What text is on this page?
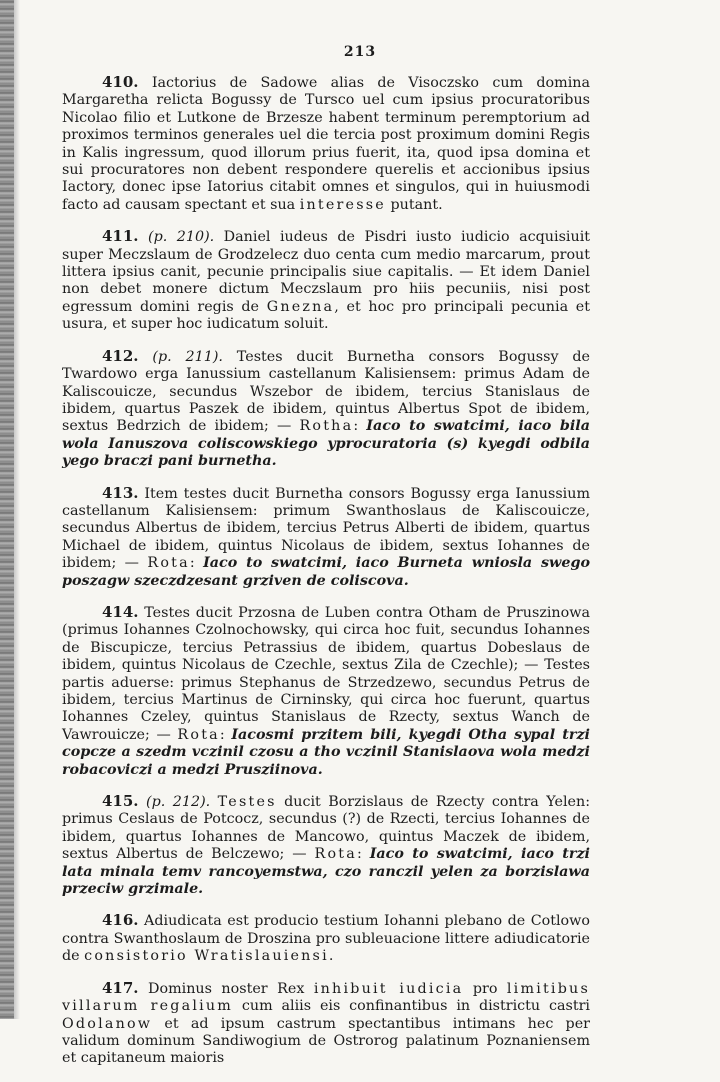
213

410. Iactorius de Sadowe alias de Visoczsko cum domina Margaretha relicta Bogussy de Tursco uel cum ipsius procuratoribus Nicolao filio et Lutkone de Brzesze habent terminum peremptorium ad proximos terminos generales uel die tercia post proximum domini Regis in Kalis ingressum, quod illorum prius fuerit, ita, quod ipsa domina et sui procuratores non debent respondere querelis et accionibus ipsius Iactory, donec ipse Iatorius citabit omnes et singulos, qui in huiusmodi facto ad causam spectant et sua interesse putant.

411. (p. 210). Daniel iudeus de Pisdri iusto iudicio acquisiuit super Meczslaum de Grodzelecz duo centa cum medio marcarum, prout littera ipsius canit, pecunie principalis siue capitalis. — Et idem Daniel non debet monere dictum Meczslaum pro hiis pecuniis, nisi post egressum domini regis de Gnezna, et hoc pro principali pecunia et usura, et super hoc iudicatum soluit.

412. (p. 211). Testes ducit Burnetha consors Bogussy de Twardowo erga Ianussium castellanum Kalisiensem: primus Adam de Kaliscouicze, secundus Wszebor de ibidem, tercius Stanislaus de ibidem, quartus Paszek de ibidem, quintus Albertus Spot de ibidem, sextus Bedrzich de ibidem; — Rotha: Iaco to swatcimi, iaco bila wola Ianuszova coliscowskiego yprocuratoria (s) kyegdi odbila yego braczi pani burnetha.

413. Item testes ducit Burnetha consors Bogussy erga Ianussium castellanum Kalisiensem: primum Swanthoslaus de Kaliscouicze, secundus Albertus de ibidem, tercius Petrus Alberti de ibidem, quartus Michael de ibidem, quintus Nicolaus de ibidem, sextus Iohannes de ibidem; — Rota: Iaco to swatcimi, iaco Burneta wniosla swego poszagw szeczdzesant grziven de coliscova.

414. Testes ducit Przosna de Luben contra Otham de Pruszinowa (primus Iohannes Czolnochowsky, qui circa hoc fuit, secundus Iohannes de Biscupicze, tercius Petrassius de ibidem, quartus Dobeslaus de ibidem, quintus Nicolaus de Czechle, sextus Zila de Czechle); — Testes partis aduerse: primus Stephanus de Strzedzewo, secundus Petrus de ibidem, tercius Martinus de Cirninsky, qui circa hoc fuerunt, quartus Iohannes Czeley, quintus Stanislaus de Rzecty, sextus Wanch de Vawrouicze; — Rota: Iacosmi przitem bili, kyegdi Otha sypal trzi copcze a szedm vczinil czosu a tho vczinil Stanislaova wola medzi robacoviczi a medzi Prusziinova.

415. (p. 212). Testes ducit Borzislaus de Rzecty contra Yelen: primus Ceslaus de Potcocz, secundus (?) de Rzecti, tercius Iohannes de ibidem, quartus Iohannes de Mancowo, quintus Maczek de ibidem, sextus Albertus de Belczewo; — Rota: Iaco to swatcimi, iaco trzi lata minala temv rancoyemstwa, czo ranczil yelen za borzislawa przeciw grzimale.

416. Adiudicata est producio testium Iohanni plebano de Cotlowo contra Swanthoslaum de Droszina pro subleuacione littere adiudicatorie de consistorio Wratislauiensi.

417. Dominus noster Rex inhibuit iudicia pro limitibus villarum regalium cum aliis eis confinantibus in districtu castri Odolanow et ad ipsum castrum spectantibus intimans hec per validum dominum Sandiwogium de Ostrorog palatinum Poznaniensem et capitaneum maioris
